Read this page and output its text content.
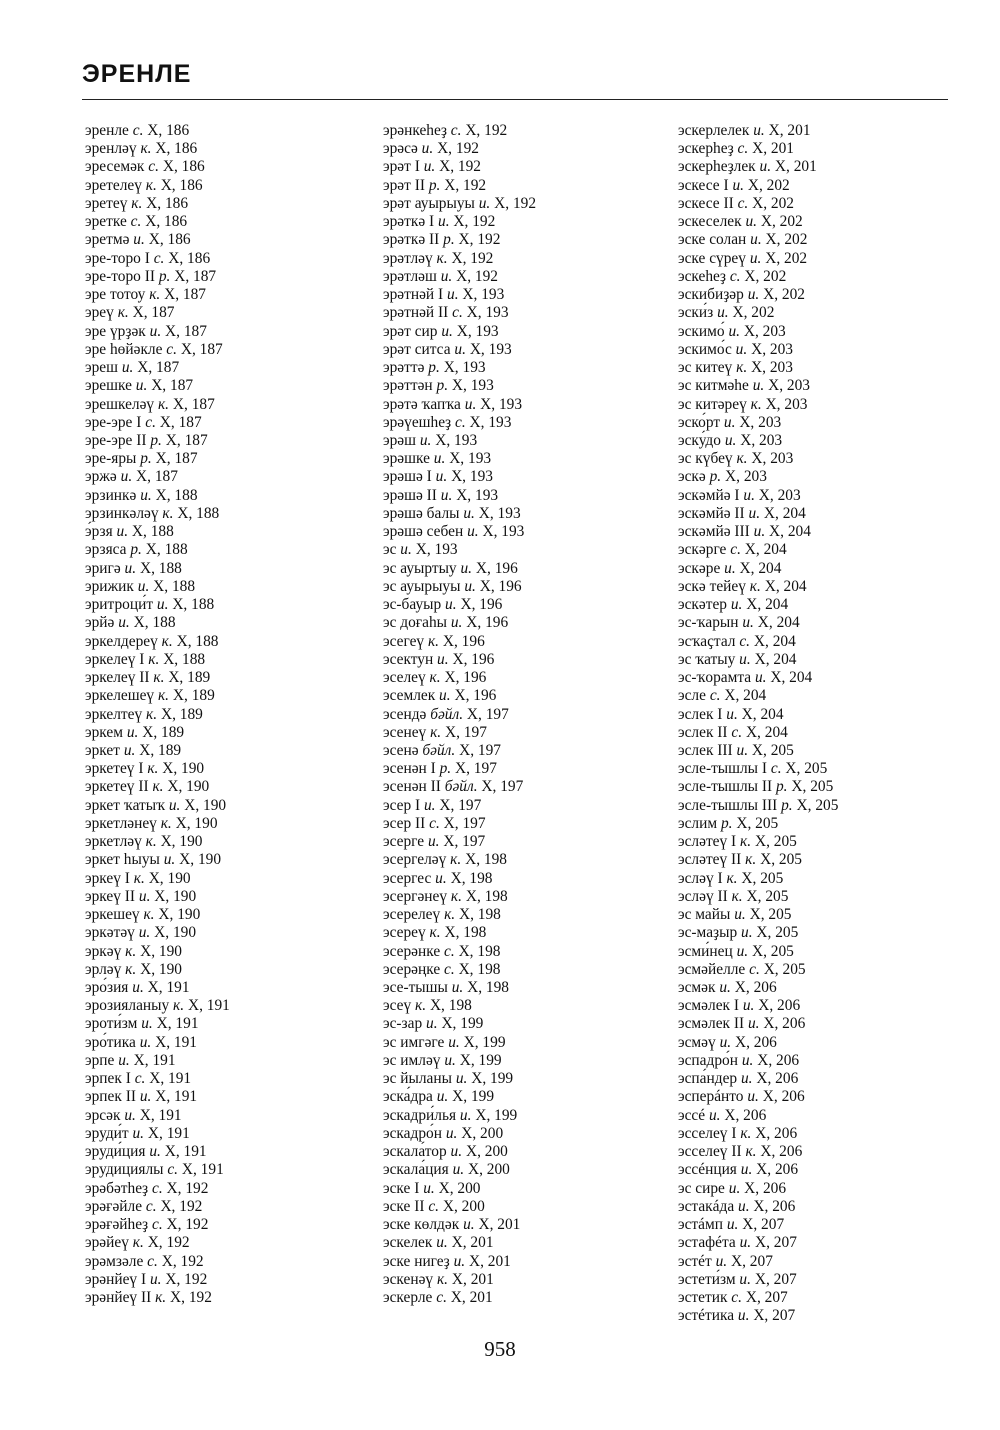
ЭРЕНЛЕ
эренле с. Х, 186
эренләү к. Х, 186
эресемәк с. Х, 186
эретелеү к. Х, 186
эретеү к. Х, 186
эретке с. Х, 186
эретмә и. Х, 186
эре-торо I с. Х, 186
эре-торо II р. Х, 187
эре тотоу к. Х, 187
эреү к. Х, 187
эре үрҙәк и. Х, 187
эре һөйәкле с. Х, 187
эреш и. Х, 187
эрешке и. Х, 187
эрешкеләү к. Х, 187
эре-эре I с. Х, 187
эре-эре II р. Х, 187
эре-яры р. Х, 187
эржә и. Х, 187
эрзинкә и. Х, 188
эрзинкәләү к. Х, 188
э́рзя и. Х, 188
эрзяса р. Х, 188
эригә и. Х, 188
эрижик и. Х, 188
эритроци́т и. Х, 188
эрйә и. Х, 188
эркелдереү к. Х, 188
эркелеү I к. Х, 188
эркелеү II к. Х, 189
эркелешеү к. Х, 189
эркелтеү к. Х, 189
эркем и. Х, 189
эркет и. Х, 189
эркетеү I к. Х, 190
эркетеү II к. Х, 190
эркет ҡатыҡ и. Х, 190
эркетләнеү к. Х, 190
эркетләү к. Х, 190
эркет һыуы и. Х, 190
эркеү I к. Х, 190
эркеү II и. Х, 190
эркешеү к. Х, 190
эркәтәү и. Х, 190
эркәү к. Х, 190
эрләү к. Х, 190
эро́зия и. Х, 191
эрозияланыу к. Х, 191
эроти́зм и. Х, 191
эро́тика и. Х, 191
эрпе и. Х, 191
эрпек I с. Х, 191
эрпек II и. Х, 191
эрсәк и. Х, 191
эруди́т и. Х, 191
эруди́ция и. Х, 191
эрудициялы с. Х, 191
эрәбәтһеҙ с. Х, 192
эрәғәйле с. Х, 192
эрәғәйһеҙ с. Х, 192
эрәйеү к. Х, 192
эрәмзәле с. Х, 192
эрәнйеү I и. Х, 192
эрәнйеү II к. Х, 192
эрәнкеһеҙ с. Х, 192
эрәсә и. Х, 192
эрәт I и. Х, 192
эрәт II р. Х, 192
эрәт ауырыуы и. Х, 192
эрәткә I и. Х, 192
эрәткә II р. Х, 192
эрәтләү к. Х, 192
эрәтләш и. Х, 192
эрәтнәй I и. Х, 193
эрәтнәй II с. Х, 193
эрәт сир и. Х, 193
эрәт ситса и. Х, 193
эрәттә р. Х, 193
эрәттән р. Х, 193
эрәтә ҡапҡа и. Х, 193
эрәүешһеҙ с. Х, 193
эрәш и. Х, 193
эрәшке и. Х, 193
эрәшә I и. Х, 193
эрәшә II и. Х, 193
эрәшә балы и. Х, 193
эрәшә себен и. Х, 193
эс и. Х, 193
эс ауыртыу и. Х, 196
эс ауырыуы и. Х, 196
эс-бауыр и. Х, 196
эс доғаһы и. Х, 196
эсегеү к. Х, 196
эсектун и. Х, 196
эселеү к. Х, 196
эсемлек и. Х, 196
эсендә бәйл. Х, 197
эсенеү к. Х, 197
эсенә бәйл. Х, 197
эсенән I р. Х, 197
эсенән II бәйл. Х, 197
эсер I и. Х, 197
эсер II с. Х, 197
эсерге и. Х, 197
эсергеләү к. Х, 198
эсергес и. Х, 198
эсергәнеү к. Х, 198
эсерелеү к. Х, 198
эсереү к. Х, 198
эсерәнке с. Х, 198
эсерәңке с. Х, 198
эсе-тышы и. Х, 198
эсеү к. Х, 198
эс-зар и. Х, 199
эс имгәге и. Х, 199
эс имләү и. Х, 199
эс йыланы и. Х, 199
эска́дра и. Х, 199
эскадри́лья и. Х, 199
эскадро́н и. Х, 200
эскала́тор и. Х, 200
эскала́ция и. Х, 200
эске I и. Х, 200
эске II с. Х, 200
эске көлдәк и. Х, 201
эскелек и. Х, 201
эске нигеҙ и. Х, 201
эскенәү к. Х, 201
эскерле с. Х, 201
эскерлелек и. Х, 201
эскерһеҙ с. Х, 201
эскерһеҙлек и. Х, 201
эскесе I и. Х, 202
эскесе II с. Х, 202
эскеселек и. Х, 202
эске солан и. Х, 202
эске сүреү и. Х, 202
эскеһеҙ с. Х, 202
эскибиҙәр и. Х, 202
эски́з и. Х, 202
эскимо́ и. Х, 203
эскимо́с и. Х, 203
эс китеү к. Х, 203
эс китмәһе и. Х, 203
эс китәреү к. Х, 203
эско́рт и. Х, 203
эску́до и. Х, 203
эс күбеү к. Х, 203
эскә р. Х, 203
эскәмйә I и. Х, 203
эскәмйә II и. Х, 204
эскәмйә III и. Х, 204
эскәрге с. Х, 204
эскәре и. Х, 204
эскә тейеү к. Х, 204
эскәтер и. Х, 204
эс-ҡарын и. Х, 204
эсҡаҫтал с. Х, 204
эс ҡатыу и. Х, 204
эс-ҡорамта и. Х, 204
эсле с. Х, 204
эслек I и. Х, 204
эслек II с. Х, 204
эслек III и. Х, 205
эсле-тышлы I с. Х, 205
эсле-тышлы II р. Х, 205
эсле-тышлы III р. Х, 205
эслим р. Х, 205
эсләтеү I к. Х, 205
эсләтеү II к. Х, 205
эсләү I к. Х, 205
эсләү II к. Х, 205
эс майы и. Х, 205
эс-маҙыр и. Х, 205
эсми́нец и. Х, 205
эсмәйелле с. Х, 205
эсмәк и. Х, 206
эсмәлек I и. Х, 206
эсмәлек II и. Х, 206
эсмәү и. Х, 206
эспадро́н и. Х, 206
эспа́ндер и. Х, 206
эсперáнто и. Х, 206
эссé и. Х, 206
эсселеү I к. Х, 206
эсселеү II к. Х, 206
эссéнция и. Х, 206
эс сире и. Х, 206
эстакáда и. Х, 206
эстáмп и. Х, 207
эстафéта и. Х, 207
эстéт и. Х, 207
эстети́зм и. Х, 207
эстетик с. Х, 207
эстéтика и. Х, 207
958
